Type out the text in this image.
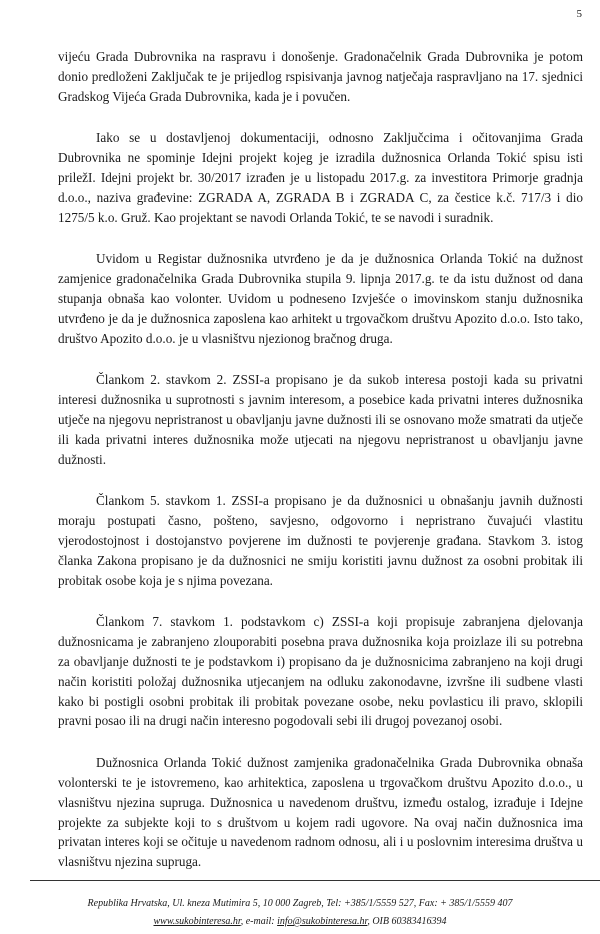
5

vijeću Grada Dubrovnika na raspravu i donošenje. Gradonačelnik Grada Dubrovnika je potom donio predloženi Zaključak te je prijedlog rspisivanja javnog natječaja raspravljano na 17. sjednici Gradskog Vijeća Grada Dubrovnika, kada je i povučen.

Iako se u dostavljenoj dokumentaciji, odnosno Zaključcima i očitovanjima Grada Dubrovnika ne spominje Idejni projekt kojeg je izradila dužnosnica Orlanda Tokić spisu isti priležI. Idejni projekt br. 30/2017 izrađen je u listopadu 2017.g. za investitora Primorje gradnja d.o.o., naziva građevine: ZGRADA A, ZGRADA B i ZGRADA C, za čestice k.č. 717/3 i dio 1275/5 k.o. Gruž. Kao projektant se navodi Orlanda Tokić, te se navodi i suradnik.

Uvidom u Registar dužnosnika utvrđeno je da je dužnosnica Orlanda Tokić na dužnost zamjenice gradonačelnika Grada Dubrovnika stupila 9. lipnja 2017.g. te da istu dužnost od dana stupanja obnaša kao volonter. Uvidom u podneseno Izvješće o imovinskom stanju dužnosnika utvrđeno je da je dužnosnica zaposlena kao arhitekt u trgovačkom društvu Apozito d.o.o. Isto tako, društvo Apozito d.o.o. je u vlasništvu njezionog bračnog druga.

Člankom 2. stavkom 2. ZSSI-a propisano je da sukob interesa postoji kada su privatni interesi dužnosnika u suprotnosti s javnim interesom, a posebice kada privatni interes dužnosnika utječe na njegovu nepristranost u obavljanju javne dužnosti ili se osnovano može smatrati da utječe ili kada privatni interes dužnosnika može utjecati na njegovu nepristranost u obavljanju javne dužnosti.

Člankom 5. stavkom 1. ZSSI-a propisano je da dužnosnici u obnašanju javnih dužnosti moraju postupati časno, pošteno, savjesno, odgovorno i nepristrano čuvajući vlastitu vjerodostojnost i dostojanstvo povjerene im dužnosti te povjerenje građana. Stavkom 3. istog članka Zakona propisano je da dužnosnici ne smiju koristiti javnu dužnost za osobni probitak ili probitak osobe koja je s njima povezana.

Člankom 7. stavkom 1. podstavkom c) ZSSI-a koji propisuje zabranjena djelovanja dužnosnicama je zabranjeno zlouporabiti posebna prava dužnosnika koja proizlaze ili su potrebna za obavljanje dužnosti te je podstavkom i) propisano da je dužnosnicima zabranjeno na koji drugi način koristiti položaj dužnosnika utjecanjem na odluku zakonodavne, izvršne ili sudbene vlasti kako bi postigli osobni probitak ili probitak povezane osobe, neku povlasticu ili pravo, sklopili pravni posao ili na drugi način interesno pogodovali sebi ili drugoj povezanoj osobi.

Dužnosnica Orlanda Tokić dužnost zamjenika gradonačelnika Grada Dubrovnika obnaša volonterski te je istovremeno, kao arhitektica, zaposlena u trgovačkom društvu Apozito d.o.o., u vlasništvu njezina supruga. Dužnosnica u navedenom društvu, između ostalog, izrađuje i Idejne projekte za subjekte koji to s društvom u kojem radi ugovore. Na ovaj način dužnosnica ima privatan interes koji se očituje u navedenom radnom odnosu, ali i u poslovnim interesima društva u vlasništvu njezina supruga.

Republika Hrvatska, Ul. kneza Mutimira 5, 10 000 Zagreb, Tel: +385/1/5559 527, Fax: + 385/1/5559 407
www.sukobinteresa.hr, e-mail: info@sukobinteresa.hr, OIB 60383416394
